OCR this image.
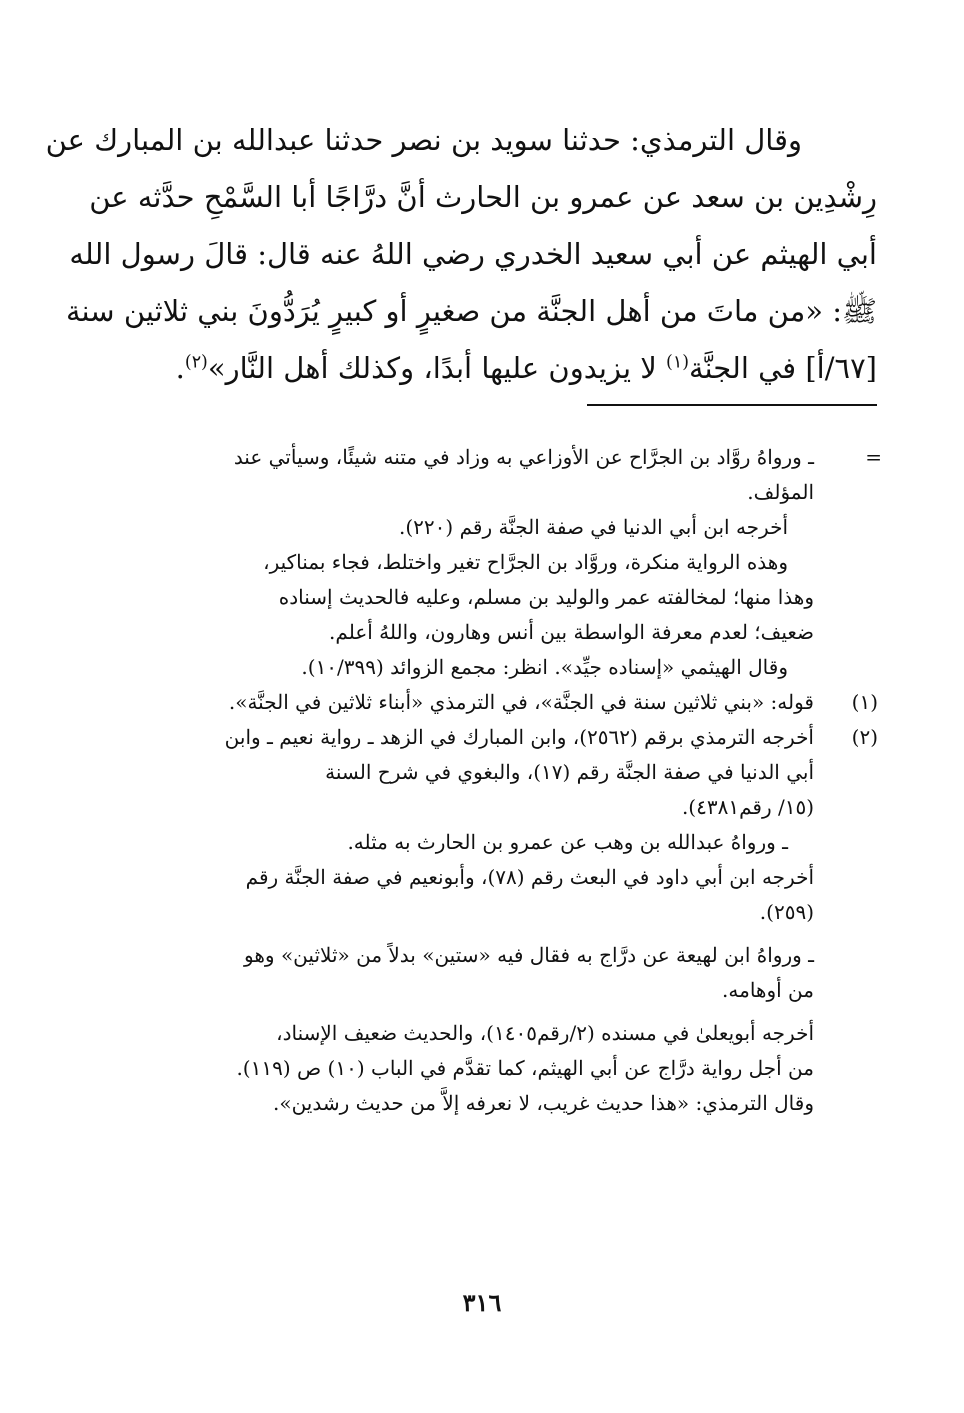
وقال الترمذي: حدثنا سويد بن نصر حدثنا عبدالله بن المبارك عن
رِشْدِين بن سعد عن عمرو بن الحارث أنَّ درَّاجًا أبا السَّمْحِ حدَّثه عن
أبي الهيثم عن أبي سعيد الخدري رضي اللهُ عنه قال: قالَ رسول الله
ﷺ: «من ماتَ من أهل الجنَّة من صغيرٍ أو كبيرٍ يُرَدُّونَ بني ثلاثين سنة
[٦٧/أ] في الجنَّة$^{(١)}$ لا يزيدون عليها أبدًا، وكذلك أهل النَّار»$^{(٢)}$.
=
ـ ورواهُ روَّاد بن الجرَّاح عن الأوزاعي به وزاد في متنه شيئًا، وسيأتي عند
المؤلف.
أخرجه ابن أبي الدنيا في صفة الجنَّة رقم (٢٢٠).
وهذه الرواية منكرة، وروَّاد بن الجرَّاح تغير واختلط، فجاء بمناكير،
وهذا منها؛ لمخالفته عمر والوليد بن مسلم، وعليه فالحديث إسناده
ضعيف؛ لعدم معرفة الواسطة بين أنس وهارون، واللهُ أعلم.
وقال الهيثمي «إسناده جيِّد». انظر: مجمع الزوائد (١٠/٣٩٩).
(١)
قوله: «بني ثلاثين سنة في الجنَّة»، في الترمذي «أبناء ثلاثين في الجنَّة».
(٢)
أخرجه الترمذي برقم (٢٥٦٢)، وابن المبارك في الزهد ـ رواية نعيم ـ وابن
أبي الدنيا في صفة الجنَّة رقم (١٧)، والبغوي في شرح السنة
(١٥/ رقم٤٣٨١).
ـ ورواهُ عبدالله بن وهب عن عمرو بن الحارث به مثله.
أخرجه ابن أبي داود في البعث رقم (٧٨)، وأبونعيم في صفة الجنَّة رقم
(٢٥٩).
ـ ورواهُ ابن لهيعة عن درَّاج به فقال فيه «ستين» بدلاً من «ثلاثين» وهو
من أوهامه.
أخرجه أبويعلىٰ في مسنده (٢/رقم١٤٠٥)، والحديث ضعيف الإسناد،
من أجل رواية درَّاج عن أبي الهيثم، كما تقدَّم في الباب (١٠) ص (١١٩).
وقال الترمذي: «هذا حديث غريب، لا نعرفه إلاَّ من حديث رشدين».
٣١٦
